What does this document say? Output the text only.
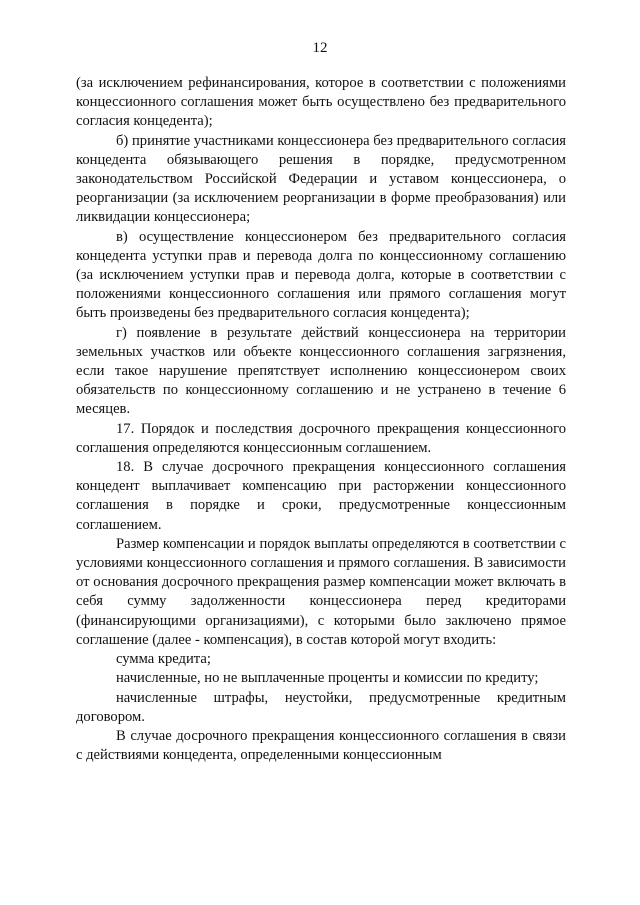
12

(за исключением рефинансирования, которое в соответствии с положениями концессионного соглашения может быть осуществлено без предварительного согласия концедента);

б) принятие участниками концессионера без предварительного согласия концедента обязывающего решения в порядке, предусмотренном законодательством Российской Федерации и уставом концессионера, о реорганизации (за исключением реорганизации в форме преобразования) или ликвидации концессионера;

в) осуществление концессионером без предварительного согласия концедента уступки прав и перевода долга по концессионному соглашению (за исключением уступки прав и перевода долга, которые в соответствии с положениями концессионного соглашения или прямого соглашения могут быть произведены без предварительного согласия концедента);

г) появление в результате действий концессионера на территории земельных участков или объекте концессионного соглашения загрязнения, если такое нарушение препятствует исполнению концессионером своих обязательств по концессионному соглашению и не устранено в течение 6 месяцев.

17. Порядок и последствия досрочного прекращения концессионного соглашения определяются концессионным соглашением.

18. В случае досрочного прекращения концессионного соглашения концедент выплачивает компенсацию при расторжении концессионного соглашения в порядке и сроки, предусмотренные концессионным соглашением.

Размер компенсации и порядок выплаты определяются в соответствии с условиями концессионного соглашения и прямого соглашения. В зависимости от основания досрочного прекращения размер компенсации может включать в себя сумму задолженности концессионера перед кредиторами (финансирующими организациями), с которыми было заключено прямое соглашение (далее - компенсация), в состав которой могут входить:

сумма кредита;

начисленные, но не выплаченные проценты и комиссии по кредиту;

начисленные штрафы, неустойки, предусмотренные кредитным договором.

В случае досрочного прекращения концессионного соглашения в связи с действиями концедента, определенными концессионным
